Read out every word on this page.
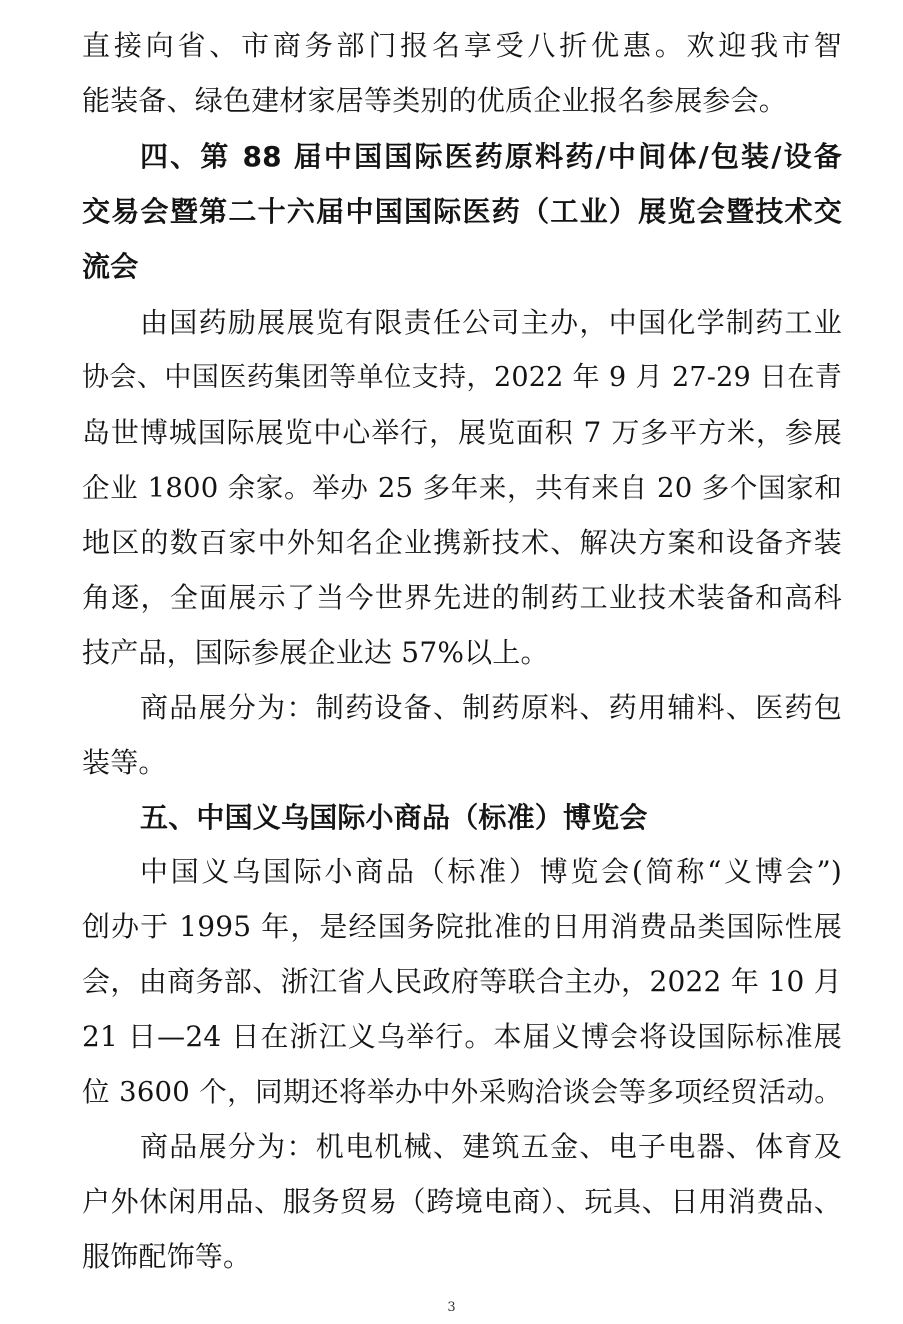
直接向省、市商务部门报名享受八折优惠。欢迎我市智
能装备、绿色建材家居等类别的优质企业报名参展参会。
四、第 88 届中国国际医药原料药/中间体/包装/设备
交易会暨第二十六届中国国际医药（工业）展览会暨技术交
流会
由国药励展展览有限责任公司主办，中国化学制药工业
协会、中国医药集团等单位支持，2022 年 9 月 27-29 日在青
岛世博城国际展览中心举行，展览面积 7 万多平方米，参展
企业 1800 余家。举办 25 多年来，共有来自 20 多个国家和
地区的数百家中外知名企业携新技术、解决方案和设备齐装
角逐，全面展示了当今世界先进的制药工业技术装备和高科
技产品，国际参展企业达 57%以上。
商品展分为：制药设备、制药原料、药用辅料、医药包
装等。
五、中国义乌国际小商品（标准）博览会
中国义乌国际小商品（标准）博览会(简称“义博会”)
创办于 1995 年，是经国务院批准的日用消费品类国际性展
会，由商务部、浙江省人民政府等联合主办，2022 年 10 月
21 日—24 日在浙江义乌举行。本届义博会将设国际标准展
位 3600 个，同期还将举办中外采购洽谈会等多项经贸活动。
商品展分为：机电机械、建筑五金、电子电器、体育及
户外休闲用品、服务贸易（跨境电商）、玩具、日用消费品、
服饰配饰等。
3
